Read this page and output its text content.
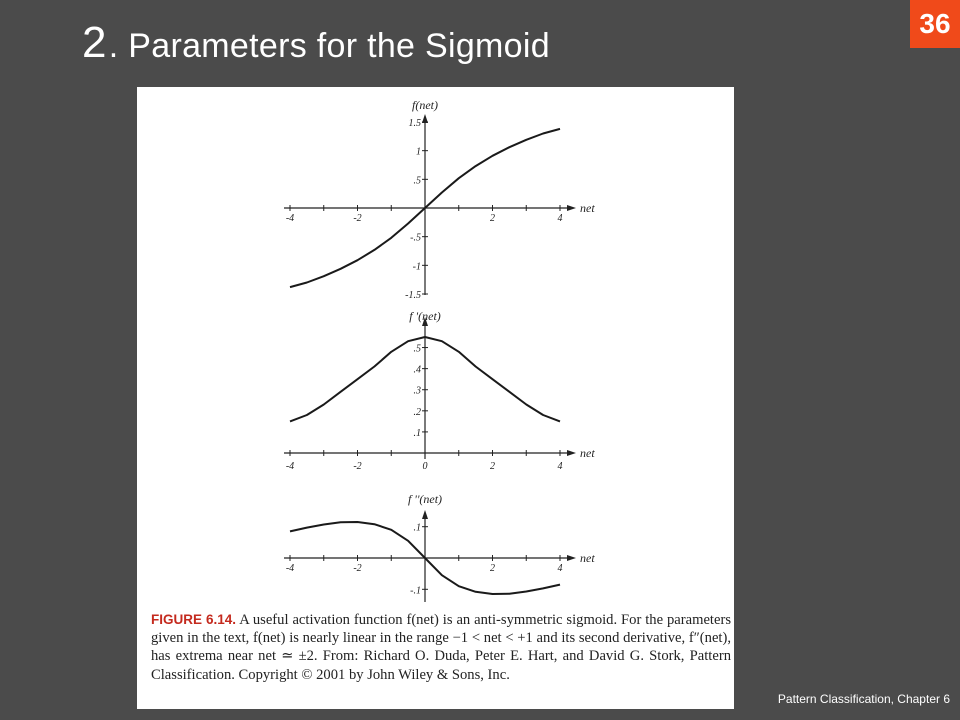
36
2. Parameters for the Sigmoid
net
f(net)
-4	-2	2	4
1.5
1
.5
-.5
-1
-1.5
net
f '(net)
-4	-2	0	2	4
.5
.4
.3
.2
.1
net
f ''(net)
-4	-2	2	4
.1
-.1
FIGURE 6.14. A useful activation function f(net) is an anti-symmetric sigmoid. For the parameters given in the text, f(net) is nearly linear in the range −1 < net < +1 and its second derivative, f″(net), has extrema near net ≃ ±2. From: Richard O. Duda, Peter E. Hart, and David G. Stork, Pattern Classification. Copyright © 2001 by John Wiley & Sons, Inc.
Pattern Classification, Chapter 6
